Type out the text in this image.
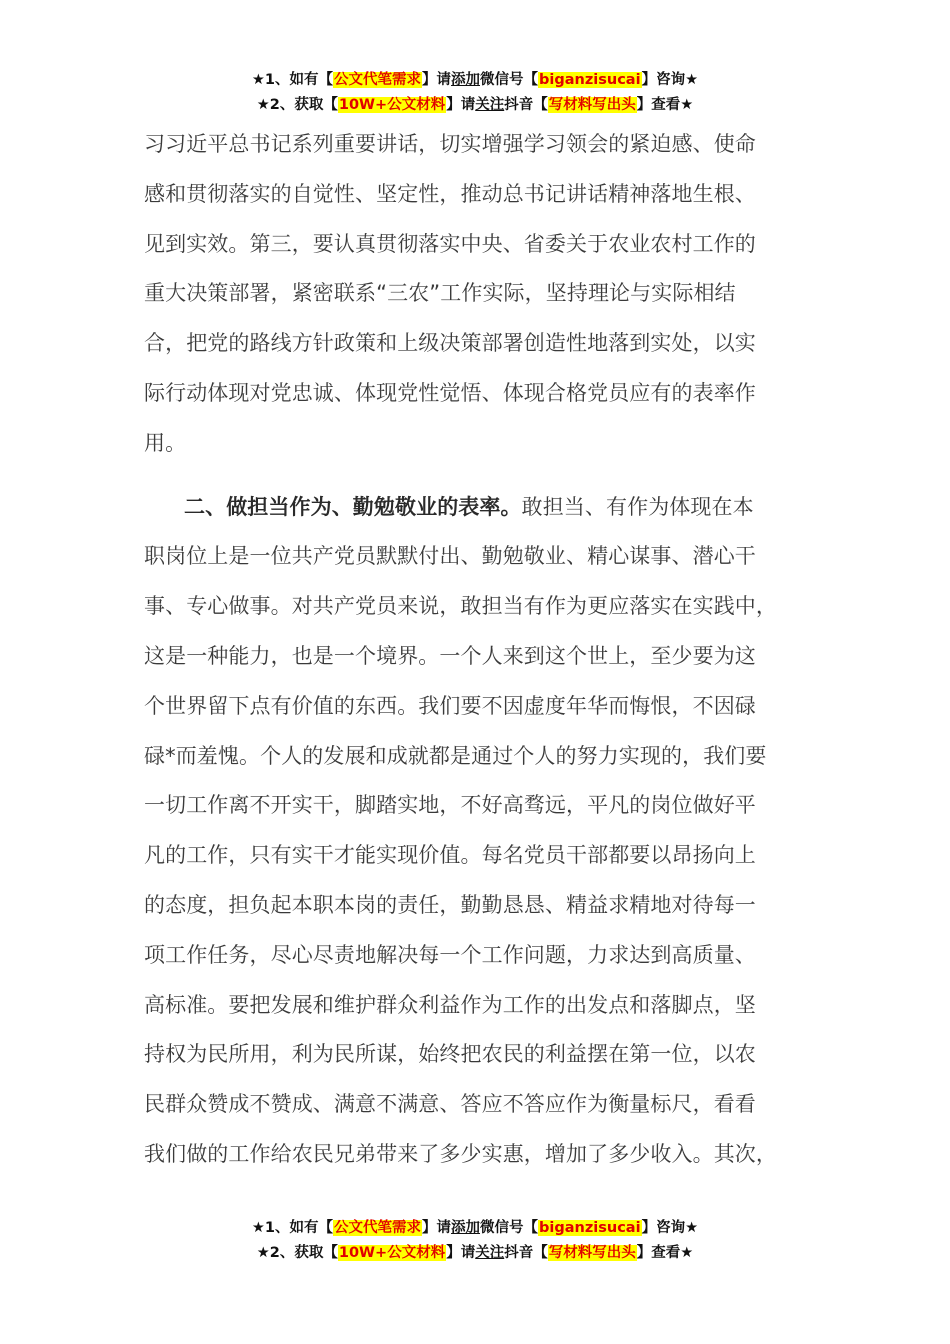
★1、如有【公文代笔需求】请添加微信号【biganzisucai】咨询★
★2、获取【10W+公文材料】请关注抖音【写材料写出头】查看★
习习近平总书记系列重要讲话，切实增强学习领会的紧迫感、使命
感和贯彻落实的自觉性、坚定性，推动总书记讲话精神落地生根、
见到实效。第三，要认真贯彻落实中央、省委关于农业农村工作的
重大决策部署，紧密联系“三农”工作实际，坚持理论与实际相结
合，把党的路线方针政策和上级决策部署创造性地落到实处，以实
际行动体现对党忠诚、体现党性觉悟、体现合格党员应有的表率作
用。
二、做担当作为、勤勉敬业的表率。敢担当、有作为体现在本
职岗位上是一位共产党员默默付出、勤勉敬业、精心谋事、潜心干
事、专心做事。对共产党员来说，敢担当有作为更应落实在实践中，
这是一种能力，也是一个境界。一个人来到这个世上，至少要为这
个世界留下点有价值的东西。我们要不因虚度年华而悔恨，不因碌
碌*而羞愧。个人的发展和成就都是通过个人的努力实现的，我们要
一切工作离不开实干，脚踏实地，不好高骛远，平凡的岗位做好平
凡的工作，只有实干才能实现价值。每名党员干部都要以昂扬向上
的态度，担负起本职本岗的责任，勤勤恳恳、精益求精地对待每一
项工作任务，尽心尽责地解决每一个工作问题，力求达到高质量、
高标准。要把发展和维护群众利益作为工作的出发点和落脚点，坚
持权为民所用，利为民所谋，始终把农民的利益摆在第一位，以农
民群众赞成不赞成、满意不满意、答应不答应作为衡量标尺，看看
我们做的工作给农民兄弟带来了多少实惠，增加了多少收入。其次，
★1、如有【公文代笔需求】请添加微信号【biganzisucai】咨询★
★2、获取【10W+公文材料】请关注抖音【写材料写出头】查看★
